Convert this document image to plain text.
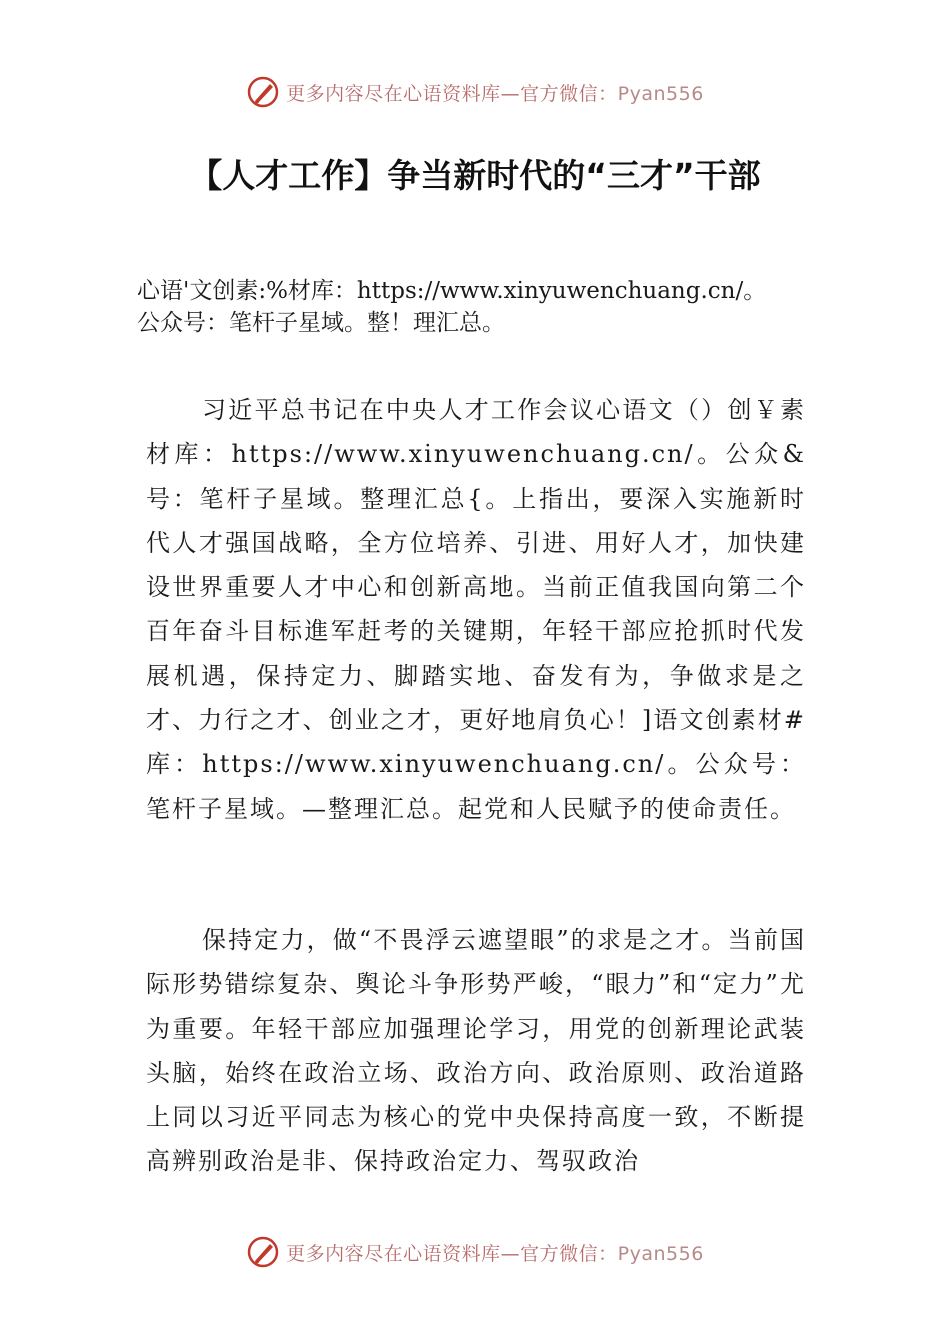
更多内容尽在心语资料库—官方微信：Pyan556
【人才工作】争当新时代的“三才”干部
心语'文创素:%材库：https://www.xinyuwenchuang.cn/。
公众号：笔杆子星域。整！理汇总。
习近平总书记在中央人才工作会议心语文（）创￥素材库：https://www.xinyuwenchuang.cn/。公众&号：笔杆子星域。整理汇总{。上指出，要深入实施新时代人才强国战略，全方位培养、引进、用好人才，加快建设世界重要人才中心和创新高地。当前正值我国向第二个百年奋斗目标進军赶考的关键期，年轻干部应抢抓时代发展机遇，保持定力、脚踏实地、奋发有为，争做求是之才、力行之才、创业之才，更好地肩负心！]语文创素材#库：https://www.xinyuwenchuang.cn/。公众号：笔杆子星域。—整理汇总。起党和人民赋予的使命责任。
保持定力，做“不畏浮云遮望眼”的求是之才。当前国际形势错综复杂、舆论斗争形势严峻，“眼力”和“定力”尤为重要。年轻干部应加强理论学习，用党的创新理论武装头脑，始终在政治立场、政治方向、政治原则、政治道路上同以习近平同志为核心的党中央保持高度一致，不断提高辨别政治是非、保持政治定力、驾驭政治
更多内容尽在心语资料库—官方微信：Pyan556
